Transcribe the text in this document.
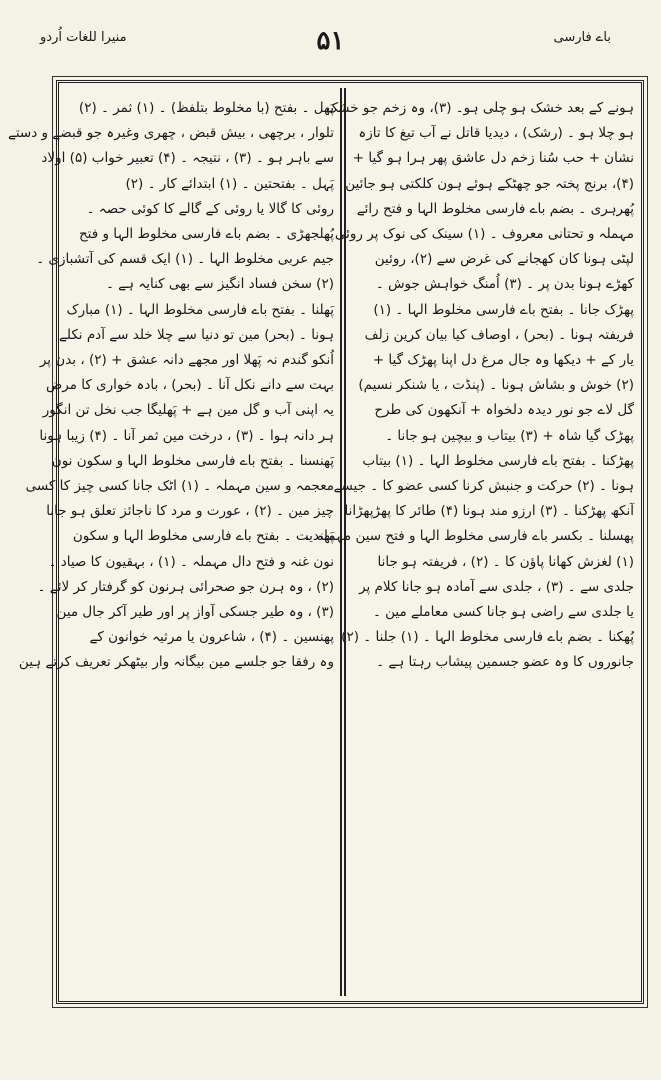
باے فارسی
۵۱
منیرا للغات اُردو
ہونے کے بعد خشک ہو چلی ہو۔ (۳)، وہ زخم جو خشک
ہو چلا ہو ۔ (رشک) ، دیدیا قاتل نے آب تیغ کا تازہ
نشان + حب سُنا زخم دل عاشق پھر ہرا ہو گیا +
(۴)، برنج پختہ جو چھٹکے ہوئے ہون کلکتی ہو جائین
پُھرہری ۔ بضم باے فارسی مخلوط الہا و فتح رائے
مہملہ و تحتانی معروف ۔ (۱) سینک کی نوک پر روئی
لپٹی ہونا کان کھجانے کی غرض سے (۲)، روئین
کھڑے ہونا بدن پر ۔ (۳) اُمنگ خواہش جوش ۔
پھڑک جانا ۔ بفتح باے فارسی مخلوط الہا ۔ (۱)
فریفتہ ہونا ۔ (بحر) ، اوصاف کیا بیان کرین زلف
یار کے + دیکھا وہ جال مرغ دل اپنا پھڑک گیا +
(۲) خوش و بشاش ہونا ۔ (پنڈت ، یا شنکر نسیم)
گل لاے جو نور دیدہ دلخواہ + آنکھون کی طرح
پھڑک گیا شاہ + (۳) بیتاب و بیچین ہو جانا ۔
پھڑکنا ۔ بفتح باے فارسی مخلوط الہا ۔ (۱) بیتاب
ہونا ۔ (۲) حرکت و جنبش کرنا کسی عضو کا ۔ جیسے
آنکھ پھڑکنا ۔ (۳) ارزو مند ہونا (۴) طائر کا پھڑپھڑانا
پھسلنا ۔ بکسر باے فارسی مخلوط الہا و فتح سین مہملہ ۔
(۱) لغزش کھانا پاؤن کا ۔ (۲) ، فریفتہ ہو جانا
جلدی سے ۔ (۳) ، جلدی سے آمادہ ہو جانا کلام پر
یا جلدی سے راضی ہو جانا کسی معاملے مین ۔
پُھکنا ۔ بضم باے فارسی مخلوط الہا ۔ (۱) جلنا ۔ (۲)
جانوروں کا وہ عضو جسمین پیشاب رہتا ہے ۔
پَھل ۔ بفتح (با مخلوط بتلفظ) ۔ (۱) ثمر ۔ (۲)
تلوار ، برچھی ، بیش قبض ، چھری وغیرہ جو قبضے و دستے
سے باہر ہو ۔ (۳) ، نتیجہ ۔ (۴) تعبیر خواب (۵) اولاد
پَہل ۔ بفتحتین ۔ (۱) ابتدائے کار ۔ (۲)
روئی کا گالا یا روئی کے گالے کا کوئی حصہ ۔
پُھلجھڑی ۔ بضم باے فارسی مخلوط الہا و فتح
جیم عربی مخلوط الہا ۔ (۱) ایک قسم کی آتشبازی ۔
(۲) سخن فساد انگیز سے بھی کنایہ ہے ۔
پَھلنا ۔ بفتح باے فارسی مخلوط الہا ۔ (۱) مبارک
ہونا ۔ (بحر) مین تو دنیا سے چلا خلد سے آدم نکلے
اُنکو گندم نہ پَھلا اور مجھے دانہ عشق + (۲) ، بدن پر
بہت سے دانے نکل آنا ۔ (بحر) ، بادہ خواری کا مرض
یہ اپنی آب و گل مین ہے + پَھلیگا جب نخل تن انگور
ہر دانہ ہوا ۔ (۳) ، درخت مین ثمر آنا ۔ (۴) زیبا ہونا
پَھنسنا ۔ بفتح باے فارسی مخلوط الہا و سکون نون
معجمہ و سین مہملہ ۔ (۱) اٹک جانا کسی چیز کا کسی
چیز مین ۔ (۲) ، عورت و مرد کا ناجائز تعلق ہو جانا
پَھندیت ۔ بفتح باے فارسی مخلوط الہا و سکون
نون غنہ و فتح دال مہملہ ۔ (۱) ، بہقیون کا صیاد ۔
(۲) ، وہ ہرن جو صحرائی ہرنون کو گرفتار کر لائے ۔
(۳) ، وہ طیر جسکی آواز پر اور طیر آکر جال مین
پھنسین ۔ (۴) ، شاعرون یا مرثیہ خوانون کے
وہ رفقا جو جلسے مین بیگانہ وار بیٹھکر تعریف کرتے ہین
